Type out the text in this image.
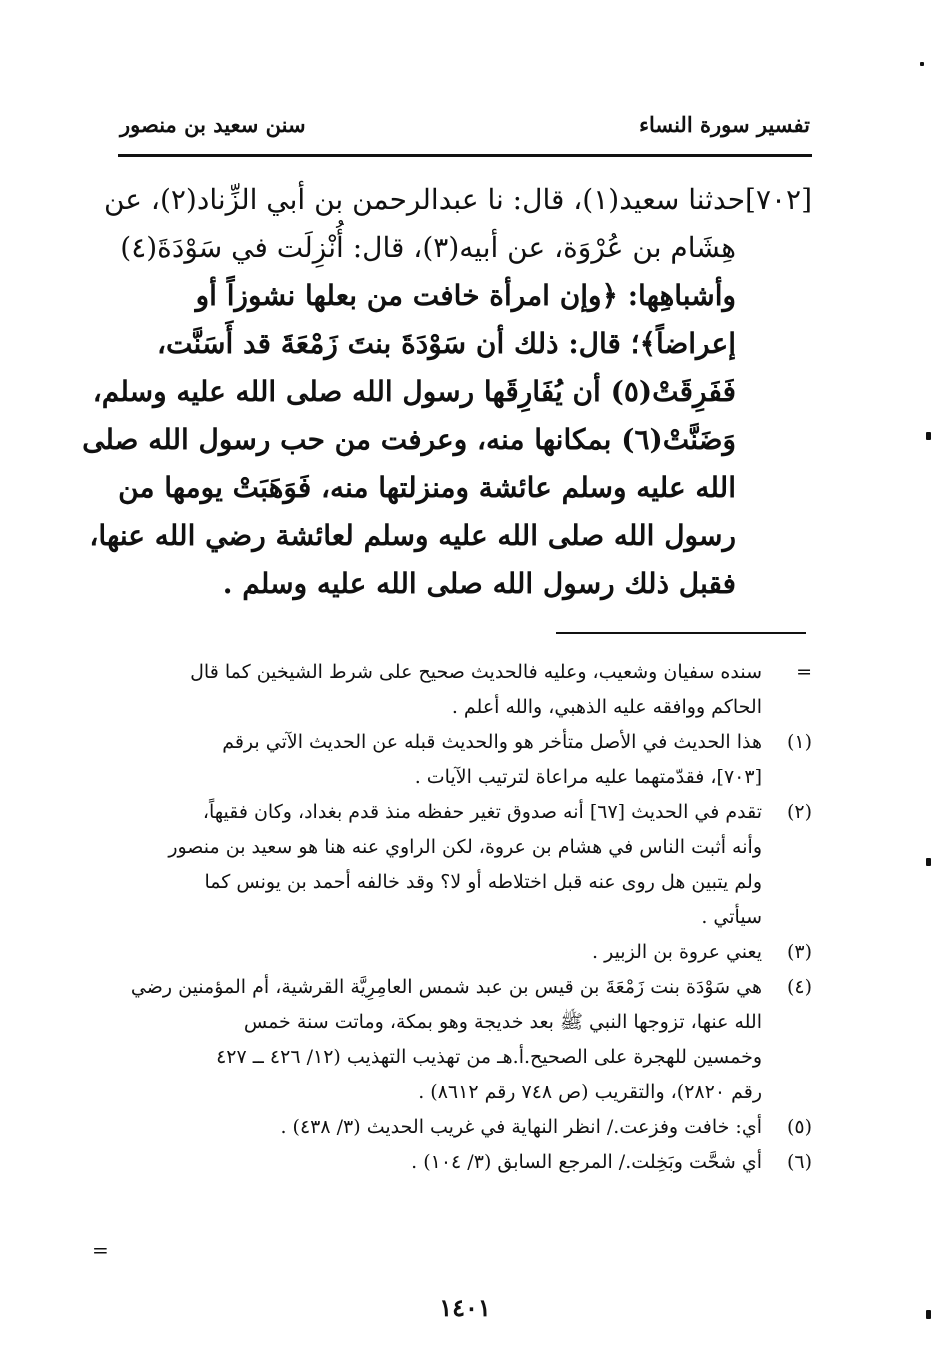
تفسير سورة النساء
سنن سعيد بن منصور
[٧٠٢]حدثنا سعيد(١)، قال: نا عبدالرحمن بن أبي الزِّناد(٢)، عن
هِشَام بن عُرْوَة، عن أبيه(٣)، قال: أُنْزِلَت في سَوْدَةَ(٤)
وأشباهِها: ﴿وإن امرأة خافت من بعلها نشوزاً أو
إعراضاً﴾؛ قال: ذلك أن سَوْدَةَ بنتَ زَمْعَةَ قد أَسَنَّت،
فَفَرِقَتْ(٥) أن يُفَارِقَها رسول الله صلى الله عليه وسلم،
وَضَنَّتْ(٦) بمكانها منه، وعرفت من حب رسول الله صلى
الله عليه وسلم عائشة ومنزلتها منه، فَوَهَبَتْ يومها من
رسول الله صلى الله عليه وسلم لعائشة رضي الله عنها،
فقبل ذلك رسول الله صلى الله عليه وسلم .
=
سنده سفيان وشعيب، وعليه فالحديث صحيح على شرط الشيخين كما قال
الحاكم ووافقه عليه الذهبي، والله أعلم .
(١)
هذا الحديث في الأصل متأخر هو والحديث قبله عن الحديث الآتي برقم
[٧٠٣]، فقدّمتهما عليه مراعاة لترتيب الآيات .
(٢)
تقدم في الحديث [٦٧] أنه صدوق تغير حفظه منذ قدم بغداد، وكان فقيهاً،
وأنه أثبت الناس في هشام بن عروة، لكن الراوي عنه هنا هو سعيد بن منصور
ولم يتبين هل روى عنه قبل اختلاطه أو لا؟ وقد خالفه أحمد بن يونس كما
سيأتي .
(٣)
يعني عروة بن الزبير .
(٤)
هي سَوْدَة بنت زَمْعَةَ بن قيس بن عبد شمس العامِرِيَّة القرشية، أم المؤمنين رضي
الله عنها، تزوجها النبي ﷺ بعد خديجة وهو بمكة، وماتت سنة خمس
وخمسين للهجرة على الصحيح.أ.هـ من تهذيب التهذيب (١٢/ ٤٢٦ ــ ٤٢٧
رقم ٢٨٢٠)، والتقريب (ص ٧٤٨ رقم ٨٦١٢) .
(٥)
أي: خافت وفزعت./ انظر النهاية في غريب الحديث (٣/ ٤٣٨) .
(٦)
أي شحَّت وبَخِلت./ المرجع السابق (٣/ ١٠٤) .
١٤٠١
=
